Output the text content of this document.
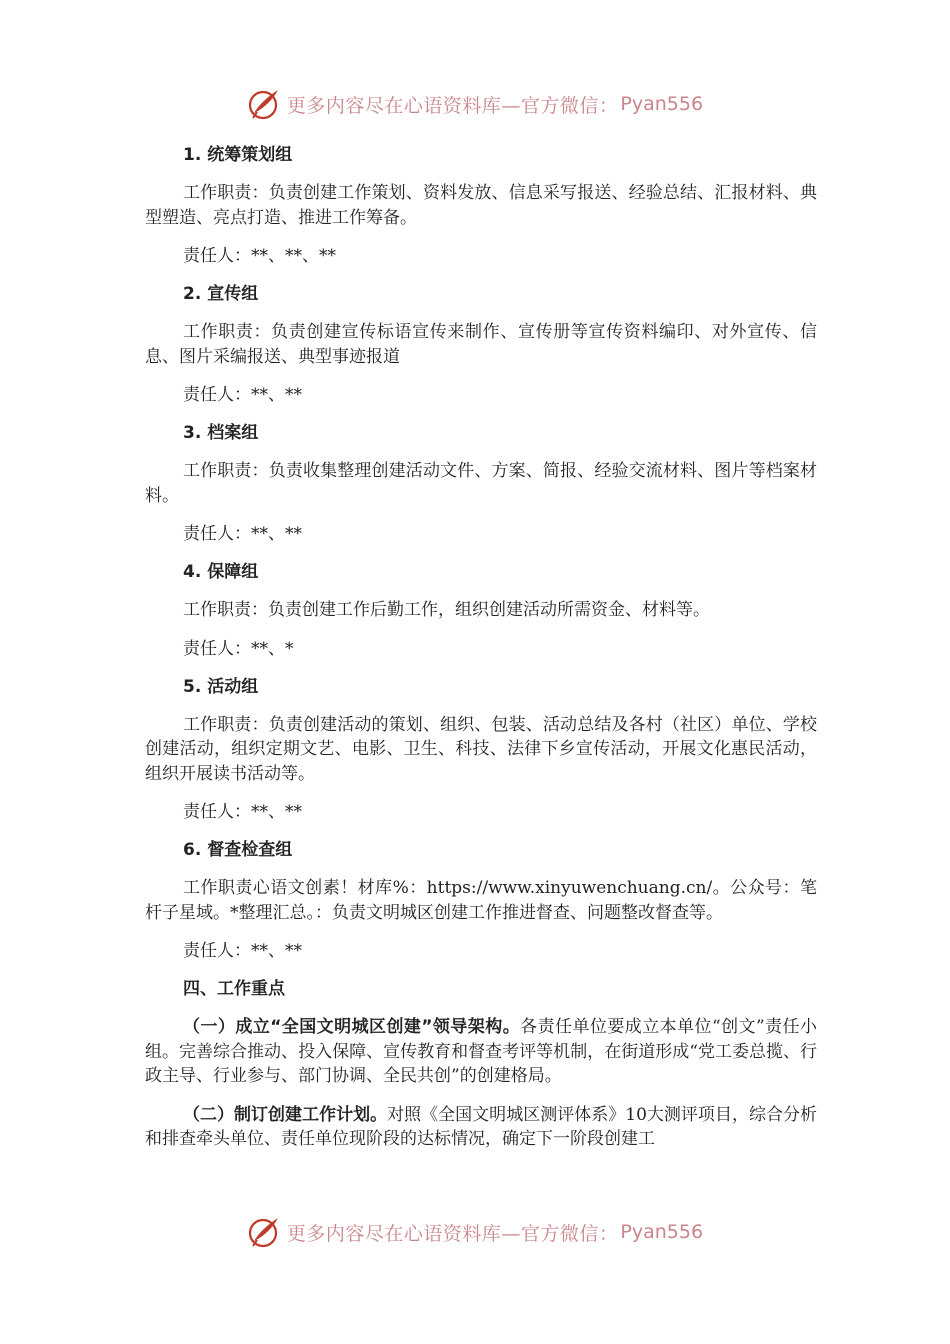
更多内容尽在心语资料库—官方微信： Pyan556
1. 统筹策划组
工作职责：负责创建工作策划、资料发放、信息采写报送、经验总结、汇报材料、典型塑造、亮点打造、推进工作筹备。
责任人：**、**、**
2. 宣传组
工作职责：负责创建宣传标语宣传来制作、宣传册等宣传资料编印、对外宣传、信息、图片采编报送、典型事迹报道
责任人：**、**
3. 档案组
工作职责：负责收集整理创建活动文件、方案、简报、经验交流材料、图片等档案材料。
责任人：**、**
4. 保障组
工作职责：负责创建工作后勤工作，组织创建活动所需资金、材料等。
责任人：**、*
5. 活动组
工作职责：负责创建活动的策划、组织、包装、活动总结及各村（社区）单位、学校创建活动，组织定期文艺、电影、卫生、科技、法律下乡宣传活动，开展文化惠民活动，组织开展读书活动等。
责任人：**、**
6. 督查检查组
工作职责心语文创素！材库%：https://www.xinyuwenchuang.cn/。公众号：笔杆子星域。*整理汇总。：负责文明城区创建工作推进督查、问题整改督查等。
责任人：**、**
四、工作重点
（一）成立“全国文明城区创建”领导架构。各责任单位要成立本单位“创文”责任小组。完善综合推动、投入保障、宣传教育和督查考评等机制，在街道形成“党工委总揽、行政主导、行业参与、部门协调、全民共创”的创建格局。
（二）制订创建工作计划。对照《全国文明城区测评体系》10大测评项目，综合分析和排查牵头单位、责任单位现阶段的达标情况，确定下一阶段创建工
更多内容尽在心语资料库—官方微信： Pyan556
